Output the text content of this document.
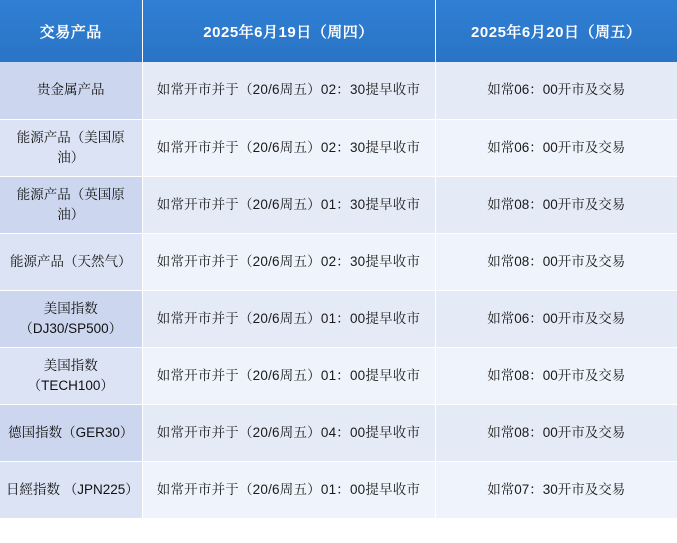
交易产品	2025年6月19日（周四）	2025年6月20日（周五）
贵金属产品	如常开市并于（20/6周五）02：30提早收市	如常06：00开市及交易

能源产品（美国原
油）	如常开市并于（20/6周五）02：30提早收市	如常06：00开市及交易

能源产品（英国原
油）	如常开市并于（20/6周五）01：30提早收市	如常08：00开市及交易
能源产品（天然气）	如常开市并于（20/6周五）02：30提早收市	如常08：00开市及交易

美国指数
（DJ30/SP500）	如常开市并于（20/6周五）01：00提早收市	如常06：00开市及交易
美国指数（TECH100）	如常开市并于（20/6周五）01：00提早收市	如常08：00开市及交易
德国指数（GER30）	如常开市并于（20/6周五）04：00提早收市	如常08：00开市及交易
日經指数 （JPN225）	如常开市并于（20/6周五）01：00提早收市	如常07：30开市及交易
